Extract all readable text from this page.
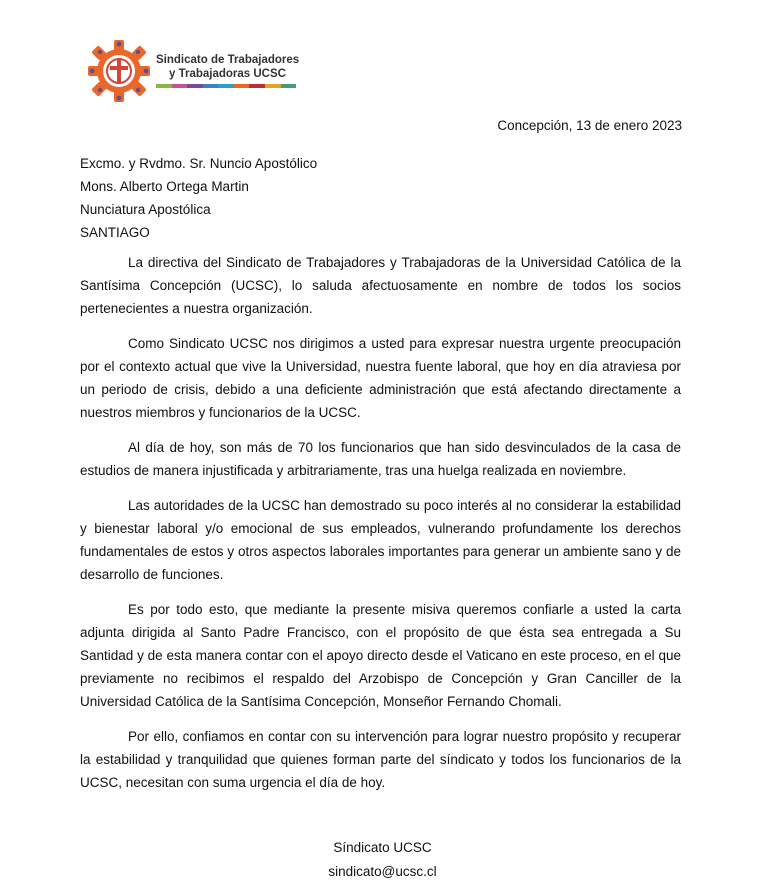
Sindicato de Trabajadores
y Trabajadoras UCSC
Concepción, 13 de enero 2023
Excmo. y Rvdmo. Sr. Nuncio Apostólico
Mons. Alberto Ortega Martin
Nunciatura Apostólica
SANTIAGO

La directiva del Sindicato de Trabajadores y Trabajadoras de la Universidad Católica de la Santísima Concepción (UCSC), lo saluda afectuosamente en nombre de todos los socios pertenecientes a nuestra organización.

Como Sindicato UCSC nos dirigimos a usted para expresar nuestra urgente preocupación por el contexto actual que vive la Universidad, nuestra fuente laboral, que hoy en día atraviesa por un periodo de crisis, debido a una deficiente administración que está afectando directamente a nuestros miembros y funcionarios de la UCSC.

Al día de hoy, son más de 70 los funcionarios que han sido desvinculados de la casa de estudios de manera injustificada y arbitrariamente, tras una huelga realizada en noviembre.

Las autoridades de la UCSC han demostrado su poco interés al no considerar la estabilidad y bienestar laboral y/o emocional de sus empleados, vulnerando profundamente los derechos fundamentales de estos y otros aspectos laborales importantes para generar un ambiente sano y de desarrollo de funciones.

Es por todo esto, que mediante la presente misiva queremos confiarle a usted la carta adjunta dirigida al Santo Padre Francisco, con el propósito de que ésta sea entregada a Su Santidad y de esta manera contar con el apoyo directo desde el Vaticano en este proceso, en el que previamente no recibimos el respaldo del Arzobispo de Concepción y Gran Canciller de la Universidad Católica de la Santísima Concepción, Monseñor Fernando Chomali.

Por ello, confiamos en contar con su intervención para lograr nuestro propósito y recuperar la estabilidad y tranquilidad que quienes forman parte del síndicato y todos los funcionarios de la UCSC, necesitan con suma urgencia el día de hoy.

Síndicato UCSC
sindicato@ucsc.cl
